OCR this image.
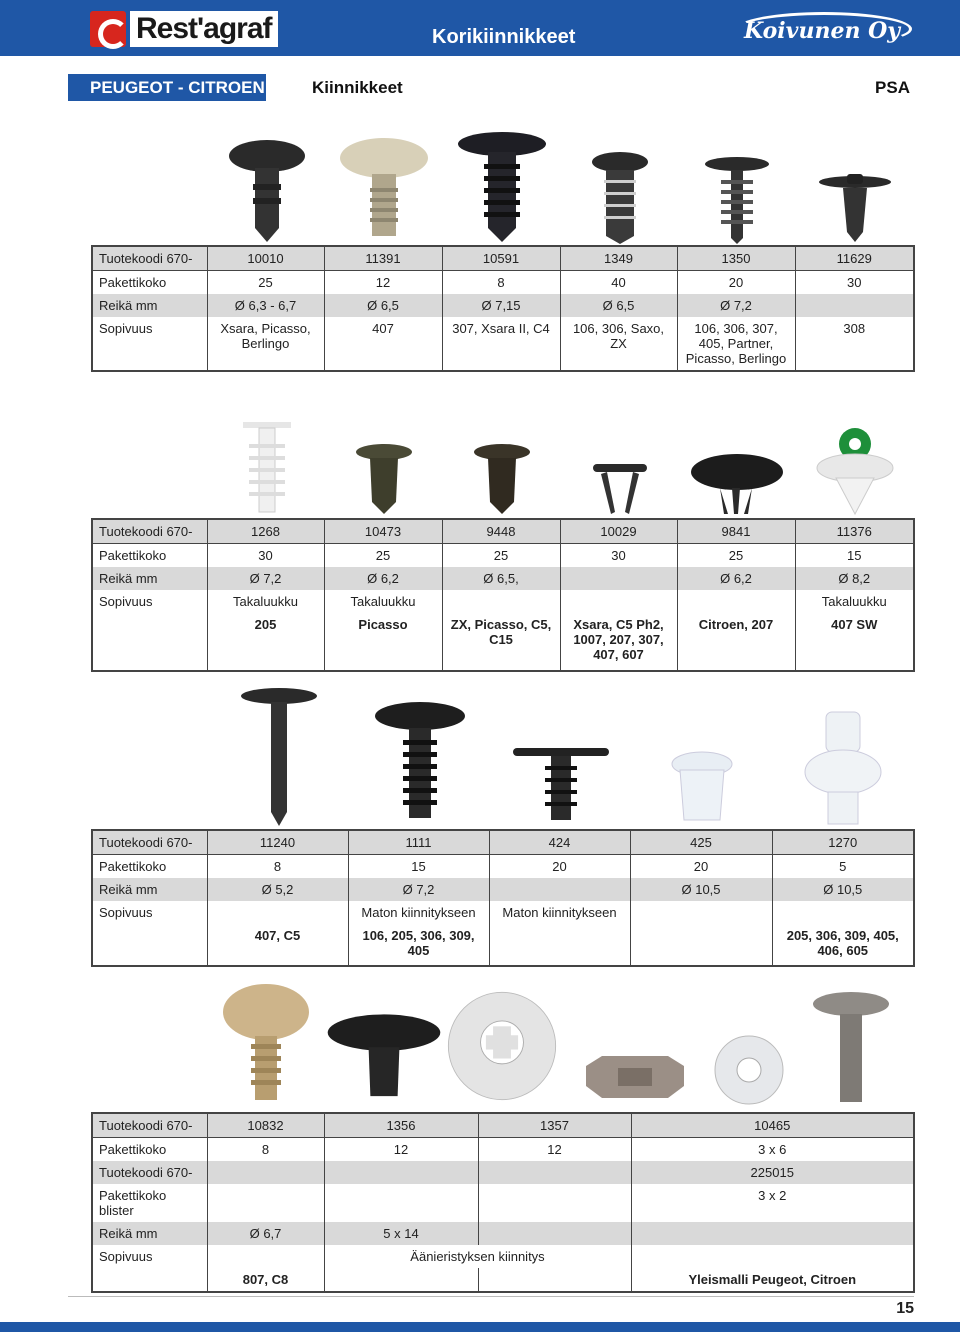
Rest'agraf	Korikiinnikkeet	Koivunen Oy
PEUGEOT - CITROEN	Kiinnikkeet	PSA
Tuotekoodi 670-	10010	11391	10591	1349	1350	11629
Pakettikoko	25	12	8	40	20	30
Reikä mm	Ø 6,3 - 6,7	Ø 6,5	Ø 7,15	Ø 6,5	Ø 7,2	
Sopivuus	Xsara, Picasso, Berlingo	407	307, Xsara II, C4	106, 306, Saxo, ZX	106, 306, 307, 405, Partner, Picasso, Berlingo	308
Tuotekoodi 670-	1268	10473	9448	10029	9841	11376
Pakettikoko	30	25	25	30	25	15
Reikä mm	Ø 7,2	Ø 6,2	Ø 6,5,		Ø 6,2	Ø 8,2
Sopivuus	Takaluukku	Takaluukku				Takaluukku
	205	Picasso	ZX, Picasso, C5, C15	Xsara, C5 Ph2, 1007, 207, 307, 407, 607	Citroen, 207	407 SW
Tuotekoodi 670-	11240	1111	424	425	1270
Pakettikoko	8	15	20	20	5
Reikä mm	Ø 5,2	Ø 7,2		Ø 10,5	Ø 10,5
Sopivuus		Maton kiinnitykseen	Maton kiinnitykseen		
	407, C5	106, 205, 306, 309, 405			205, 306, 309, 405, 406, 605
Tuotekoodi 670-	10832	1356	1357	10465
Pakettikoko	8	12	12	3 x 6
Tuotekoodi 670-				225015
Pakettikoko blister				3 x 2
Reikä mm	Ø 6,7	5 x 14		
Sopivuus		Äänieristyksen kiinnitys		
	807, C8			Yleismalli Peugeot, Citroen
15
